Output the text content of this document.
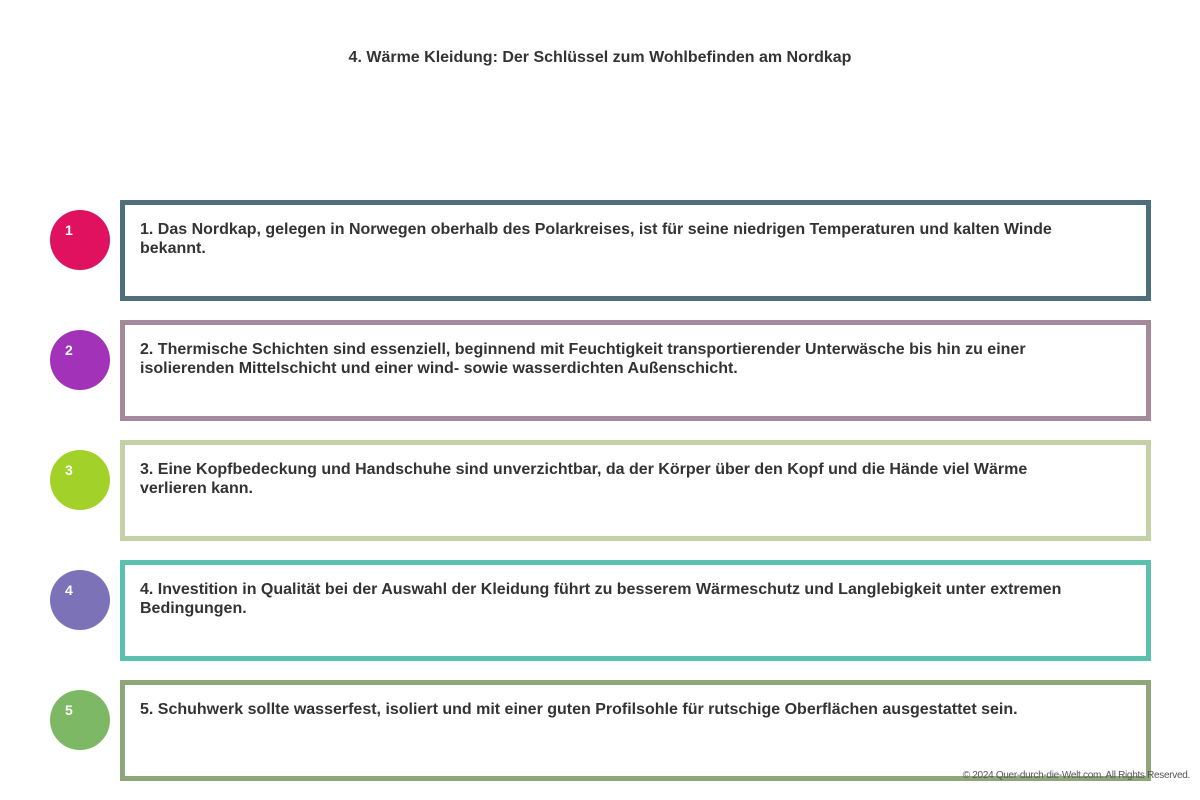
4. Wärme Kleidung: Der Schlüssel zum Wohlbefinden am Nordkap
1	1. Das Nordkap, gelegen in Norwegen oberhalb des Polarkreises, ist für seine niedrigen Temperaturen und kalten Winde bekannt.
2	2. Thermische Schichten sind essenziell, beginnend mit Feuchtigkeit transportierender Unterwäsche bis hin zu einer isolierenden Mittelschicht und einer wind- sowie wasserdichten Außenschicht.
3	3. Eine Kopfbedeckung und Handschuhe sind unverzichtbar, da der Körper über den Kopf und die Hände viel Wärme verlieren kann.
4	4. Investition in Qualität bei der Auswahl der Kleidung führt zu besserem Wärmeschutz und Langlebigkeit unter extremen Bedingungen.
5	5. Schuhwerk sollte wasserfest, isoliert und mit einer guten Profilsohle für rutschige Oberflächen ausgestattet sein.
© 2024 Quer-durch-die-Welt.com. All Rights Reserved.
